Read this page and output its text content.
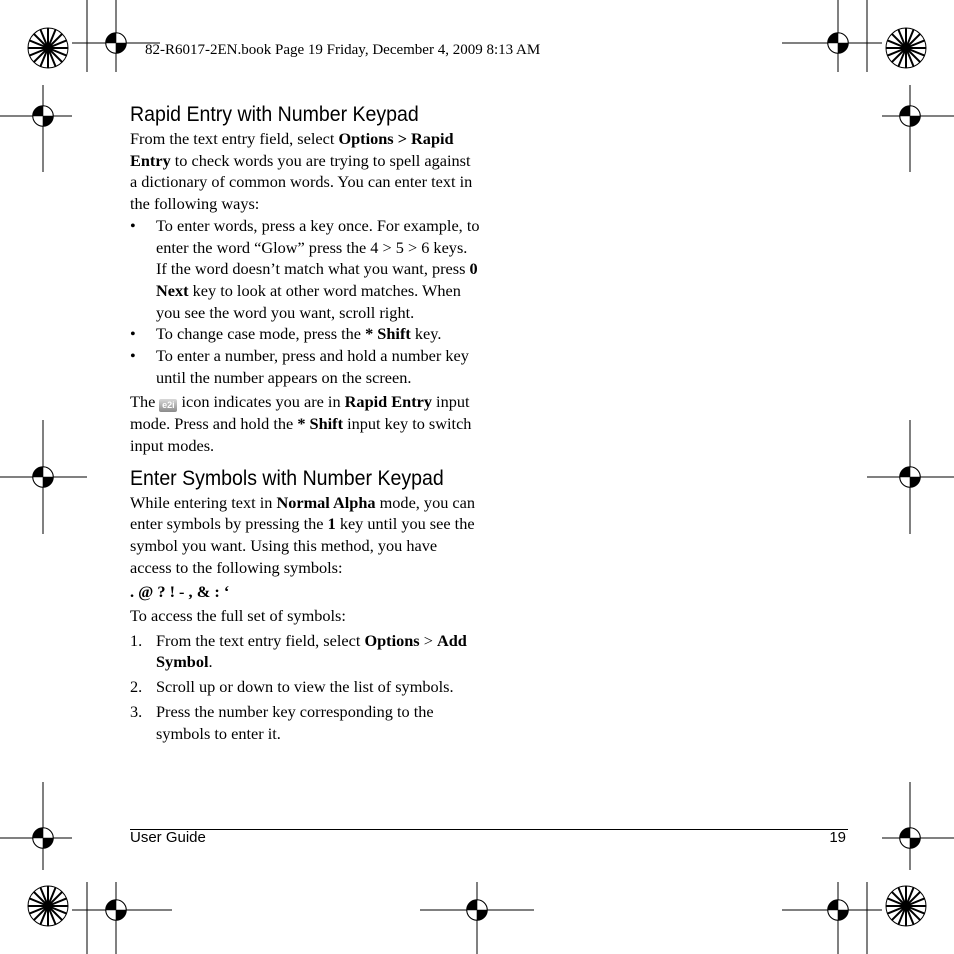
82-R6017-2EN.book Page 19 Friday, December 4, 2009 8:13 AM
Rapid Entry with Number Keypad

From the text entry field, select Options > Rapid Entry to check words you are trying to spell against a dictionary of common words. You can enter text in the following ways:

• To enter words, press a key once. For example, to enter the word “Glow” press the 4 > 5 > 6 keys. If the word doesn’t match what you want, press 0 Next key to look at other word matches. When you see the word you want, scroll right.
• To change case mode, press the * Shift key.
• To enter a number, press and hold a number key until the number appears on the screen.

The e2i icon indicates you are in Rapid Entry input mode. Press and hold the * Shift input key to switch input modes.

Enter Symbols with Number Keypad

While entering text in Normal Alpha mode, you can enter symbols by pressing the 1 key until you see the symbol you want. Using this method, you have access to the following symbols:

. @ ? ! - , & : ‘

To access the full set of symbols:

1. From the text entry field, select Options > Add Symbol.
2. Scroll up or down to view the list of symbols.
3. Press the number key corresponding to the symbols to enter it.
User Guide	19
